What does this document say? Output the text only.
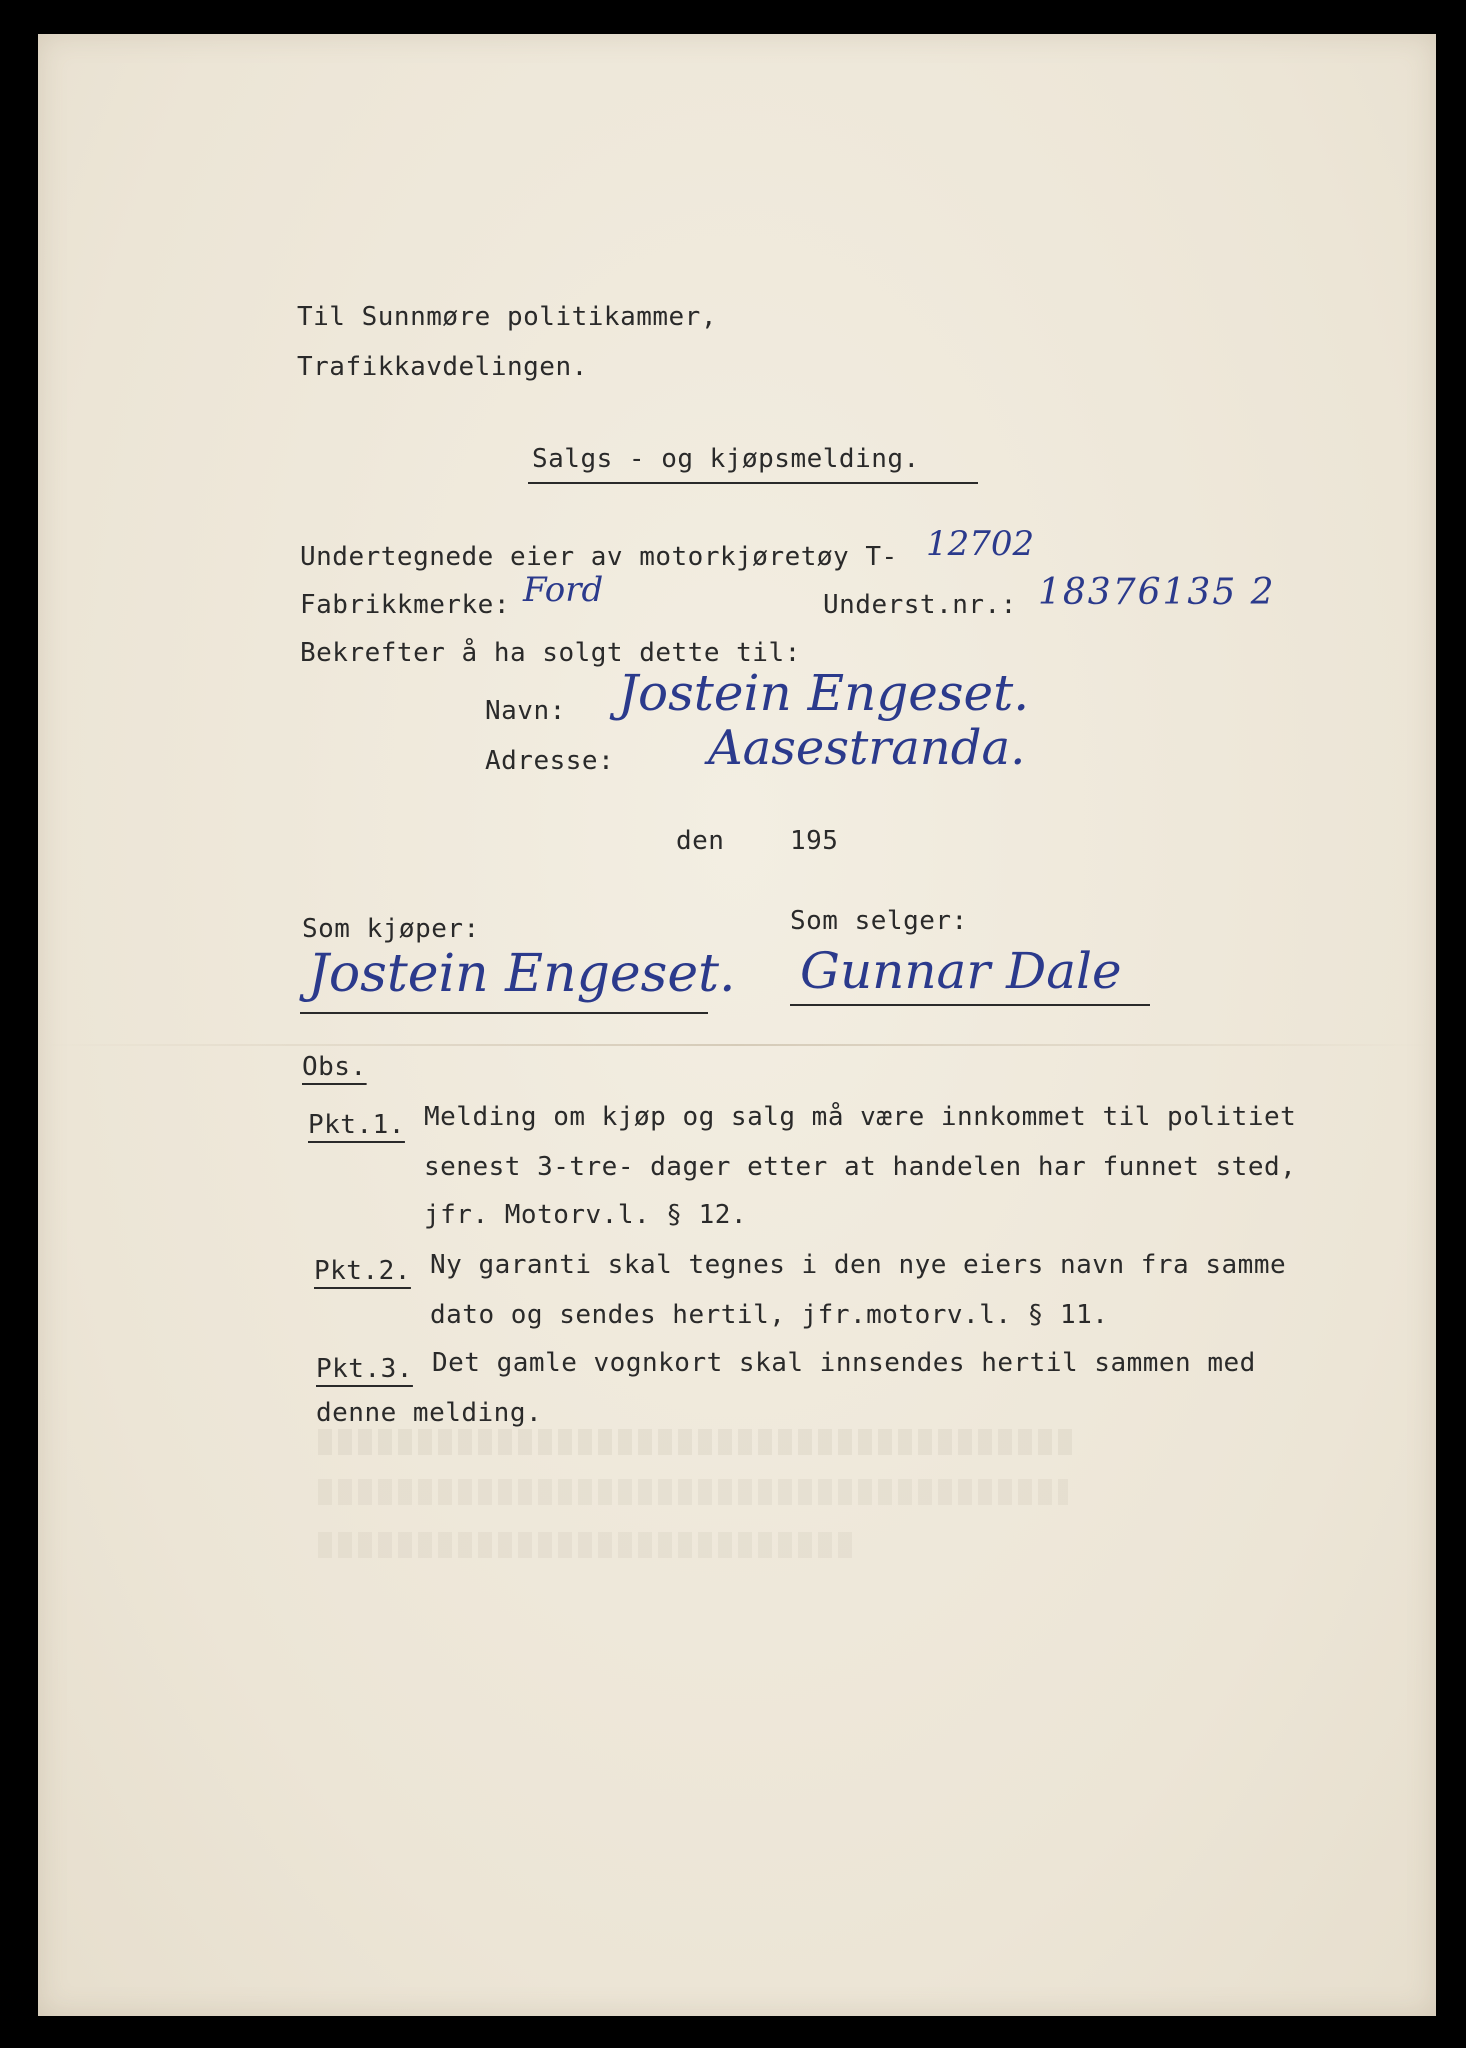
Til Sunnmøre politikammer,
Trafikkavdelingen.
Salgs - og kjøpsmelding.
Undertegnede eier av motorkjøretøy T- 12702
Fabrikkmerke: Ford	Underst.nr.: 18376135 2
Bekrefter å ha solgt dette til:
Navn: Jostein Engeset.
Adresse: Aasestranda.
den	195
Som kjøper:
Jostein Engeset.
Som selger:
Gunnar Dale
Obs.
Pkt.1. Melding om kjøp og salg må være innkommet til politiet
senest 3-tre- dager etter at handelen har funnet sted,
jfr. Motorv.l. § 12.
Pkt.2. Ny garanti skal tegnes i den nye eiers navn fra samme
dato og sendes hertil, jfr.motorv.l. § 11.
Pkt.3. Det gamle vognkort skal innsendes hertil sammen med
denne melding.
